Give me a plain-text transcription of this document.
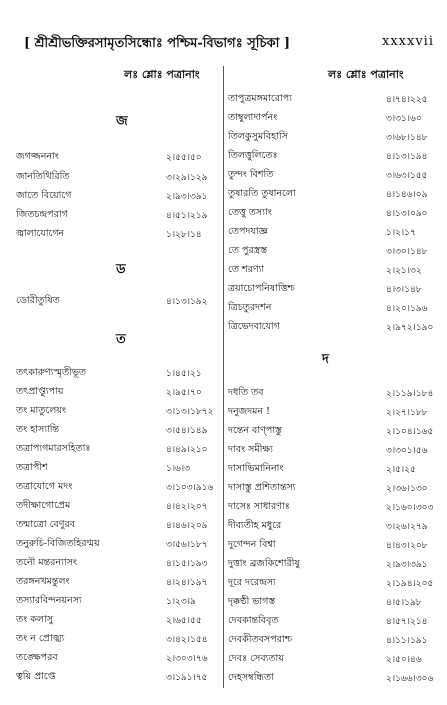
[ শ্রীশ্রীভক্তিরসামৃতসিন্ধোঃ পশ্চিম-বিভাগঃ সূচিকা ]	xxxxvii
লঃ শ্লোঃ পত্রানাং
জ
জগজ্জননাং	২।৫৫।৫০
জানতিথিরিতি	৩।২৯।১২৯
জাতে বিয়োগে	২।৯৩।৩৯১
জিতচন্দ্রপরাগ	৪।৫১।২১৯
জ্বালাযোগেন	১।২৮।১৪
ড
ডোরীতুষিত	৪।১৩।১৯২
ত
তৎকারুণ্যস্মৃতীভূত	১।৪৫।২১
তৎপ্রাপ্ত্যুপায়	২।৯৫।৭০
তং মাতুলেয়ং	৩।১৩।১৮৭২
তং হাস্যান্তি	৩।৫৪।১৪৯
তত্রাপ্যগমারসহিতাঃ	৪।৪৯।২১০
তত্রাপীশ	১।৬।৩
তত্রাযোগে মদং	৩।১০৩।৯১৬
তদীক্ষাগোপ্রেম	৪।৪২।২০৭
তন্মাত্রো বেণুরব	৪।৪৬।২০৯
তনুরুচি-বিজিতহিরণ্ময়	৩।৫৬।১৮৭
তনৌ মন্তরন্যাসং	৪।১৫।১৯৩
তরঙ্গনখমন্তুলং	৪।২৪।১৯৭
তস্যারবিন্দনয়নস্য	১।২৩।৯
তং কলাসু	২।৬৫।৫৫
তং ন প্রোজ্ঝ্য	৩।৪২।১৫৪
তঙ্ক্ষেপরব	২।৩০৩।৭৬
ত্বয়ি প্রাপ্তে	৩।১৯১।৭৫
লঃ শ্লোঃ পত্রানাং
তাপুত্রমঙ্গমারোপ্য	৪।৭৪।২২৫
তাম্বুলাদার্পনং	৩।৩১।৬০
তিলকুসুমবিহাসি	৩।৬৮।১৪৮
তিলত্তুলিতেঃ	৪।১৩।১৯৪
তুন্দং বিশতি	৩।৬৩।১৫৫
তুষারতি তুষানলো	৪।১৪৬।০৯
তেত্তু তস্যাং	৪।১৩।০৯০
তেপদযাজ্ঞ	১।২।১৭
তে পুরস্ত্রস্ত	৩।৩০।১৪৮
তে শরণ্যা	২।২১।৩২
ত্রয়াচোপনিষাত্তিশ্চ	৪।৩।১৪৮
ত্রিচতুরদশন	৪।২০।১৯৬
ত্রিভেদবাযোগ	২।৯৭২।১৯০
দ
দধতি তব	২।১১৯।১৮৪
দনুজদমন !	২।২৭।১৮৮
দন্তেন বাণ্পাস্তু	২।১০৪।১৬৫
দাবং সমীক্ষ্য	৩।৩০১।৫৬
দাসাভিমানিনাং	২।৫।২৫
দাসাস্তু প্রশিতান্তস্য	২।৩৬।১৩০
দাসেঃ সাধারণাঃ	২।১৬০।৩০৩
দীব্যতীহ মধুরে	৩।২৬।২৭৯
দুগেন্দন বিশ্বা	৪।৪৩।২০৮
দুত্তাং ব্রজকিশোরীষু	২।৯৩।৩৯১
দূরে দরেন্দ্রস্য	২।১৯৪।২০৫
দৃক্কণ্ঠী ভাগস্ত	৪।৫।১৯৮
দেবকান্তবিবৃত	৪।৫৭।২১৪
দেবকীতবসপরাশ্চ	৪।১১।১৯১
দেবঃ সেব্যতায়	২।৫০।৪৬
দেহসম্বন্ধিতা	২।১৬৬।৩০৬
